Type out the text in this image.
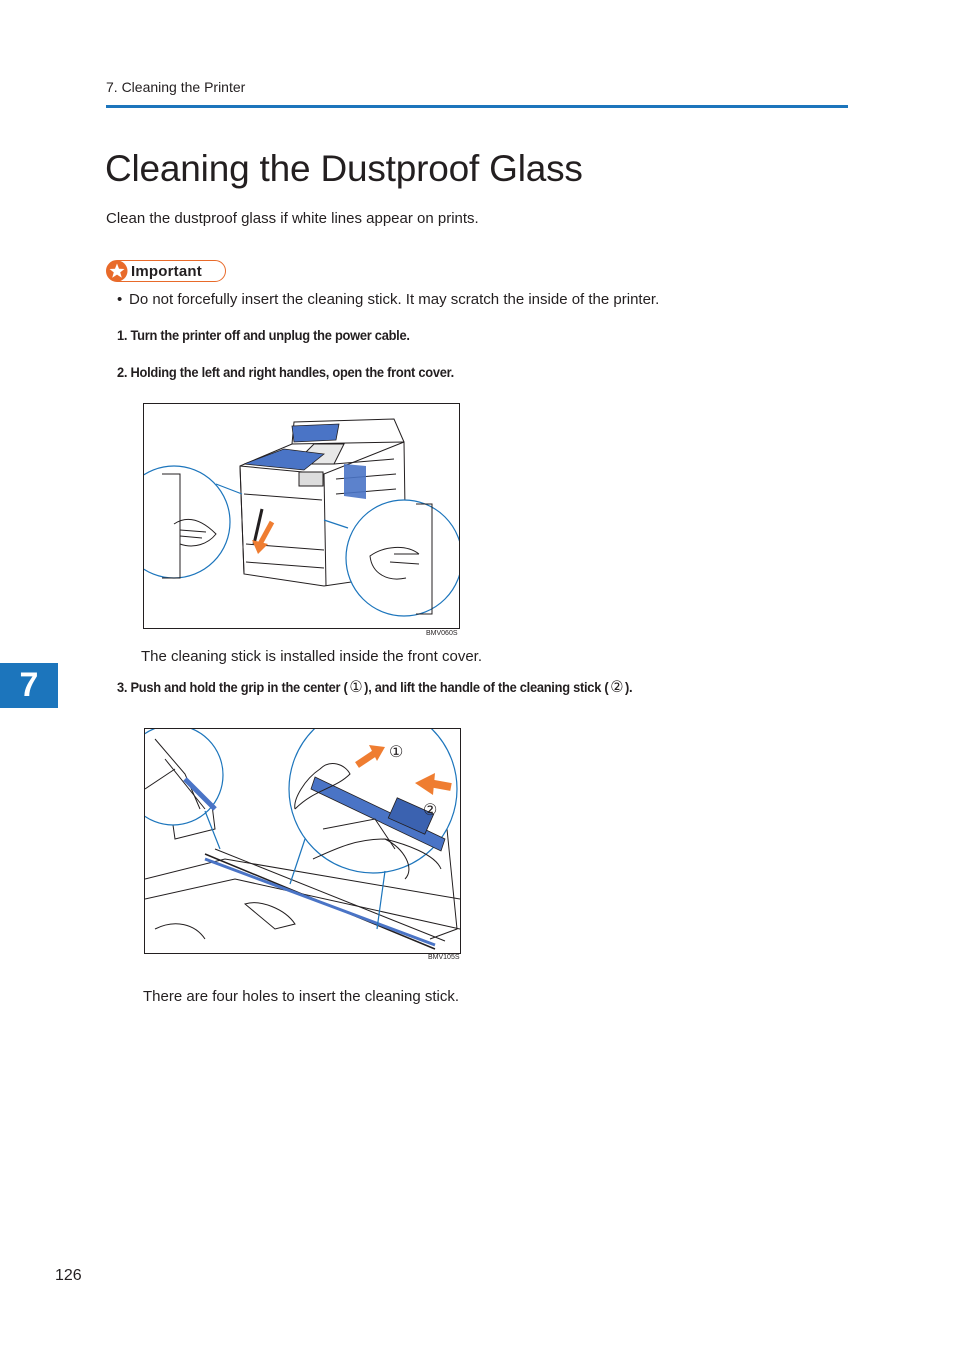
7. Cleaning the Printer
Cleaning the Dustproof Glass
Clean the dustproof glass if white lines appear on prints.
Important
• Do not forcefully insert the cleaning stick. It may scratch the inside of the printer.
1. Turn the printer off and unplug the power cable.
2. Holding the left and right handles, open the front cover.
BMV060S
The cleaning stick is installed inside the front cover.
3. Push and hold the grip in the center ( ① ), and lift the handle of the cleaning stick ( ② ).
①
②
BMV105S
There are four holes to insert the cleaning stick.
7
126
